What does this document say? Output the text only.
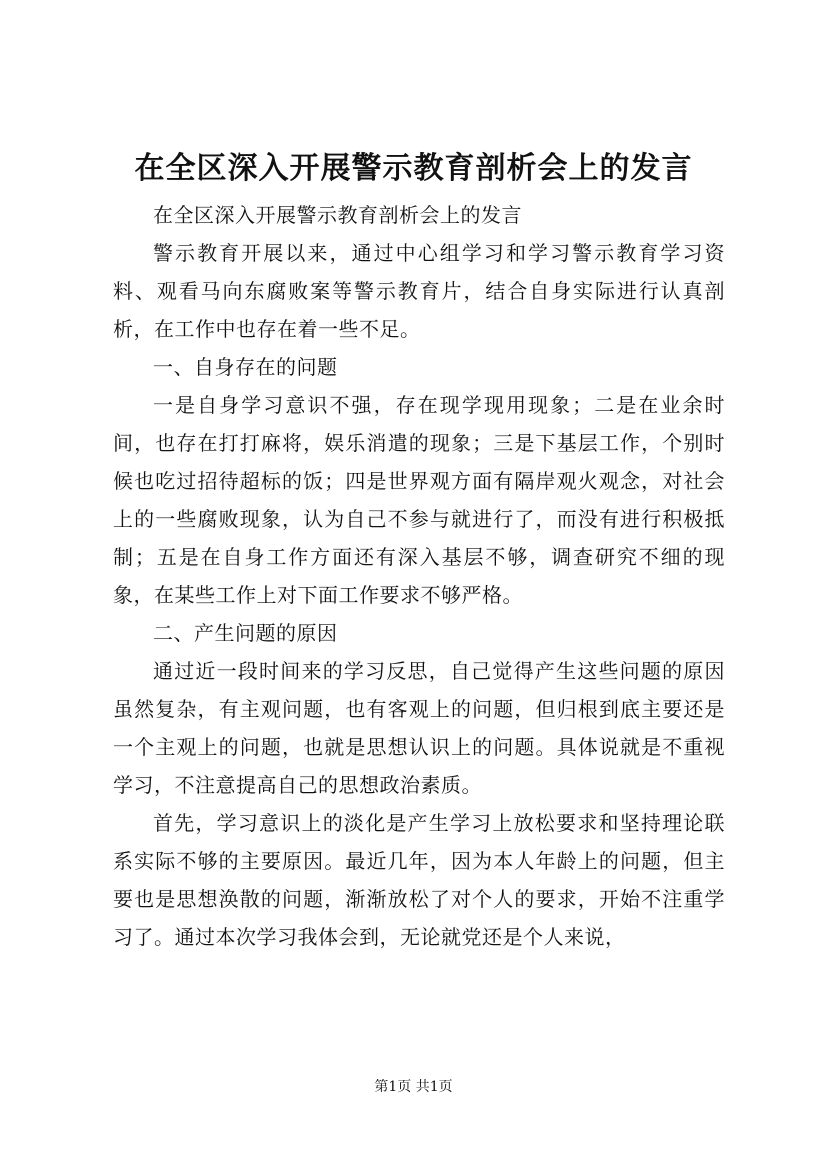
在全区深入开展警示教育剖析会上的发言

在全区深入开展警示教育剖析会上的发言

警示教育开展以来，通过中心组学习和学习警示教育学习资料、观看马向东腐败案等警示教育片，结合自身实际进行认真剖析，在工作中也存在着一些不足。

一、自身存在的问题

一是自身学习意识不强，存在现学现用现象；二是在业余时间，也存在打打麻将，娱乐消遣的现象；三是下基层工作，个别时候也吃过招待超标的饭；四是世界观方面有隔岸观火观念，对社会上的一些腐败现象，认为自己不参与就进行了，而没有进行积极抵制；五是在自身工作方面还有深入基层不够，调查研究不细的现象，在某些工作上对下面工作要求不够严格。

二、产生问题的原因

通过近一段时间来的学习反思，自己觉得产生这些问题的原因虽然复杂，有主观问题，也有客观上的问题，但归根到底主要还是一个主观上的问题，也就是思想认识上的问题。具体说就是不重视学习，不注意提高自己的思想政治素质。

首先，学习意识上的淡化是产生学习上放松要求和坚持理论联系实际不够的主要原因。最近几年，因为本人年龄上的问题，但主要也是思想涣散的问题，渐渐放松了对个人的要求，开始不注重学习了。通过本次学习我体会到，无论就党还是个人来说，

第1页 共1页
